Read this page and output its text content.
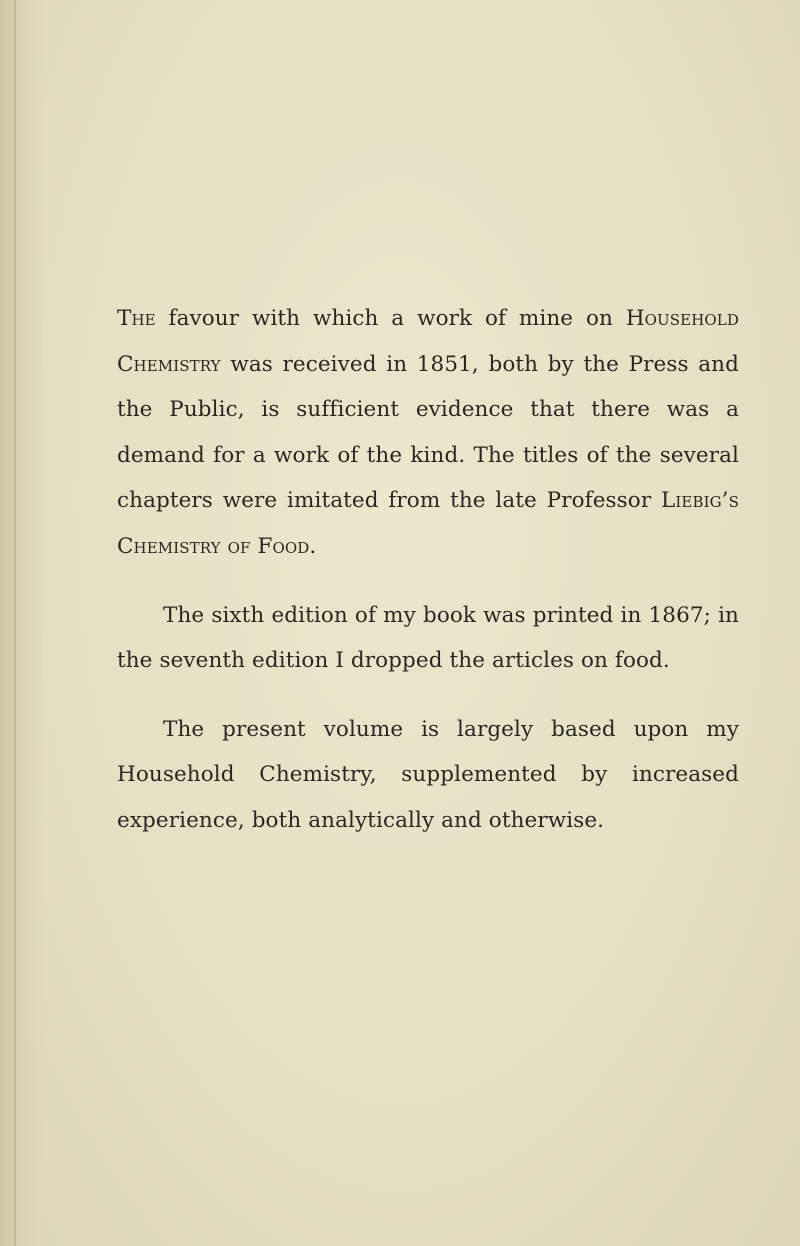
The favour with which a work of mine on Household Chemistry was received in 1851, both by the Press and the Public, is sufficient evidence that there was a demand for a work of the kind. The titles of the several chapters were imitated from the late Professor Liebig’s Chemistry of Food.

The sixth edition of my book was printed in 1867; in the seventh edition I dropped the articles on food.

The present volume is largely based upon my Household Chemistry, supplemented by increased experience, both analytically and otherwise.
